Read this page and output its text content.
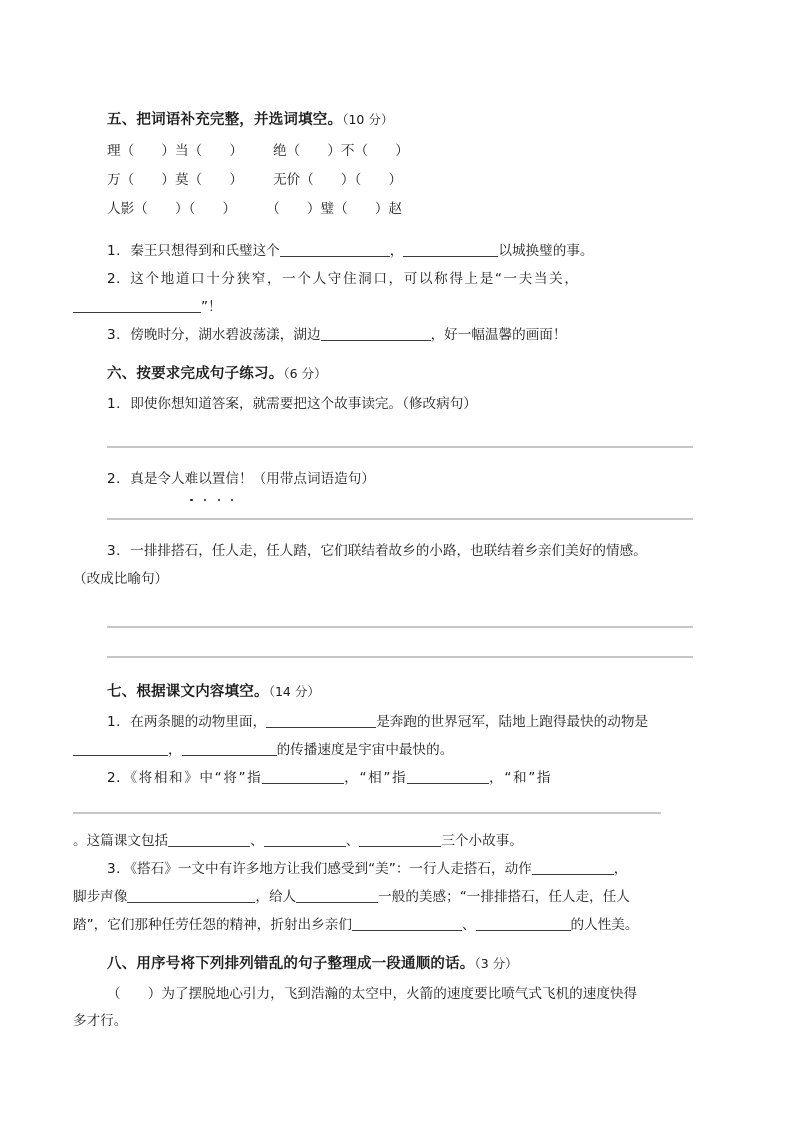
五、把词语补充完整，并选词填空。（10 分）
理（　　）当（　　） 绝（　　）不（　　）
万（　　）莫（　　） 无价（　　）（　　）
人影（　　）（　　） （　　）璧（　　）赵
1．秦王只想得到和氏璧这个	，	以城换璧的事。
2．这个地道口十分狭窄，一个人守住洞口，可以称得上是“一夫当关，
”！
3．傍晚时分，湖水碧波荡漾，湖边	，好一幅温馨的画面！
六、按要求完成句子练习。（6 分）
1．即使你想知道答案，就需要把这个故事读完。（修改病句）
2．真是令人难以置信
！（用带点词语造句）
3．一排排搭石，任人走，任人踏，它们联结着故乡的小路，也联结着乡亲们美好的情感。
（改成比喻句）
七、根据课文内容填空。（14 分）
1．在两条腿的动物里面，	是奔跑的世界冠军，陆地上跑得最快的动物是
，	的传播速度是宇宙中最快的。
2．《将相和》中“将”指	，“相”指	，“和”指
。这篇课文包括	、	、	三个小故事。
3．《搭石》一文中有许多地方让我们感受到“美”：一行人走搭石，动作	，
脚步声像	，给人	一般的美感；“一排排搭石，任人走，任人
踏”，它们那种任劳任怨的精神，折射出乡亲们	、	的人性美。
八、用序号将下列排列错乱的句子整理成一段通顺的话。（3 分）
（　　）为了摆脱地心引力，飞到浩瀚的太空中，火箭的速度要比喷气式飞机的速度快得
多才行。
